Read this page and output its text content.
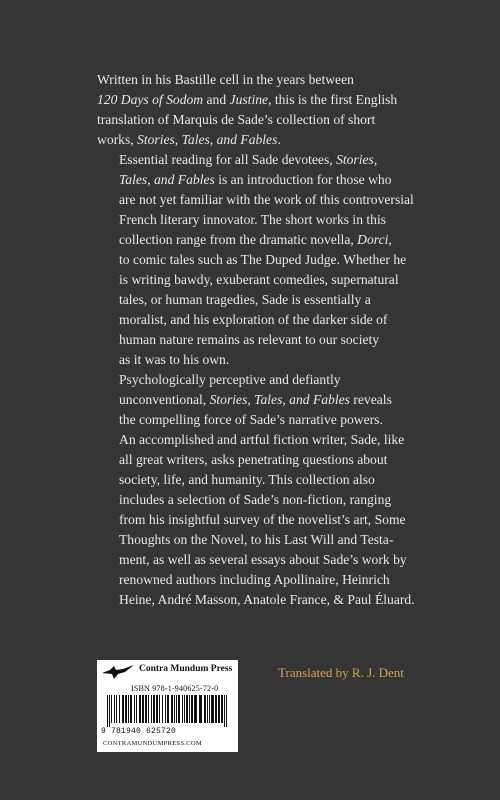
Written in his Bastille cell in the years between
120 Days of Sodom and Justine, this is the first English
translation of Marquis de Sade’s collection of short
works, Stories, Tales, and Fables.

Essential reading for all Sade devotees, Stories,
Tales, and Fables is an introduction for those who
are not yet familiar with the work of this controversial
French literary innovator. The short works in this
collection range from the dramatic novella, Dorci,
to comic tales such as The Duped Judge. Whether he
is writing bawdy, exuberant comedies, supernatural
tales, or human tragedies, Sade is essentially a
moralist, and his exploration of the darker side of
human nature remains as relevant to our society
as it was to his own.

Psychologically perceptive and defiantly
unconventional, Stories, Tales, and Fables reveals
the compelling force of Sade’s narrative powers.
An accomplished and artful fiction writer, Sade, like
all great writers, asks penetrating questions about
society, life, and humanity. This collection also
includes a selection of Sade’s non-fiction, ranging
from his insightful survey of the novelist’s art, Some
Thoughts on the Novel, to his Last Will and Testa-
ment, as well as several essays about Sade’s work by
renowned authors including Apollinaire, Heinrich
Heine, André Masson, Anatole France, & Paul Éluard.

Translated by R. J. Dent
Contra Mundum Press
ISBN 978-1-940625-72-0
9 781940 625720
CONTRAMUNDUMPRESS.COM
